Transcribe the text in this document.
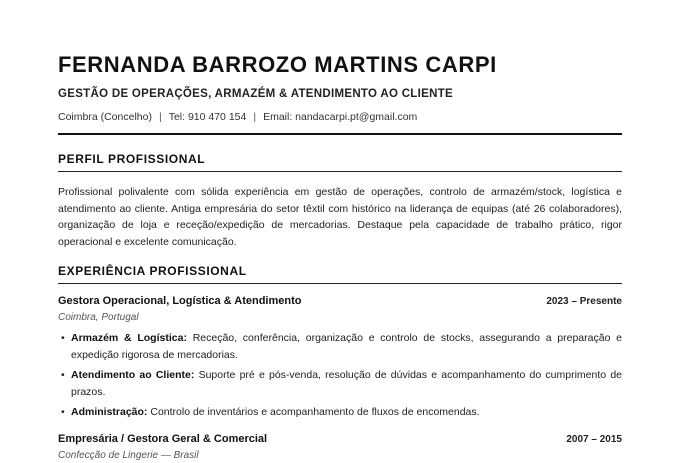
FERNANDA BARROZO MARTINS CARPI
GESTÃO DE OPERAÇÕES, ARMAZÉM & ATENDIMENTO AO CLIENTE
Coimbra (Concelho) | Tel: 910 470 154 | Email: nandacarpi.pt@gmail.com
PERFIL PROFISSIONAL

Profissional polivalente com sólida experiência em gestão de operações, controlo de armazém/stock, logística e atendimento ao cliente. Antiga empresária do setor têxtil com histórico na liderança de equipas (até 26 colaboradores), organização de loja e receção/expedição de mercadorias. Destaque pela capacidade de trabalho prático, rigor operacional e excelente comunicação.

EXPERIÊNCIA PROFISSIONAL
Gestora Operacional, Logística & Atendimento	2023 – Presente
Coimbra, Portugal
• Armazém & Logística: Receção, conferência, organização e controlo de stocks, assegurando a preparação e expedição rigorosa de mercadorias.
• Atendimento ao Cliente: Suporte pré e pós-venda, resolução de dúvidas e acompanhamento do cumprimento de prazos.
• Administração: Controlo de inventários e acompanhamento de fluxos de encomendas.
Empresária / Gestora Geral & Comercial	2007 – 2015
Confecção de Lingerie — Brasil
